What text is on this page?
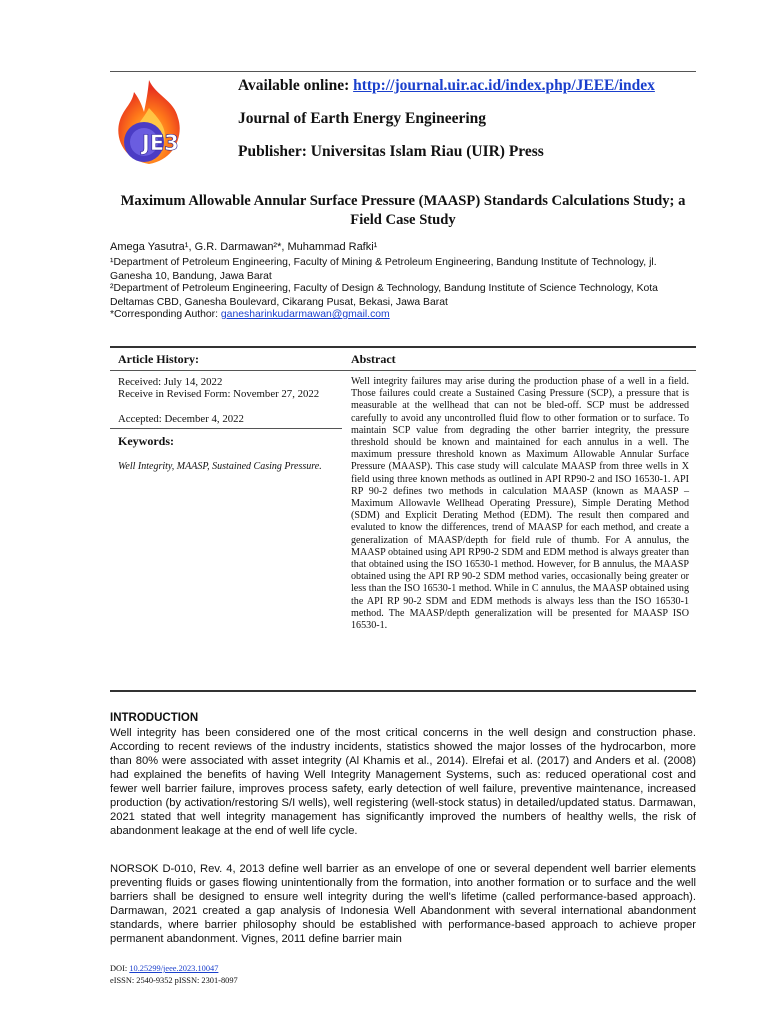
JE3
Available online: http://journal.uir.ac.id/index.php/JEEE/index
Journal of Earth Energy Engineering
Publisher: Universitas Islam Riau (UIR) Press
Maximum Allowable Annular Surface Pressure (MAASP) Standards Calculations Study; a Field Case Study
Amega Yasutra¹, G.R. Darmawan²*, Muhammad Rafki¹
¹Department of Petroleum Engineering, Faculty of Mining & Petroleum Engineering, Bandung Institute of Technology, jl. Ganesha 10, Bandung, Jawa Barat
²Department of Petroleum Engineering, Faculty of Design & Technology, Bandung Institute of Science Technology, Kota Deltamas CBD, Ganesha Boulevard, Cikarang Pusat, Bekasi, Jawa Barat
*Corresponding Author: ganesharinkudarmawan@gmail.com
Article History:	Abstract
Received: July 14, 2022
Receive in Revised Form: November 27, 2022
Accepted: December 4, 2022
Keywords:
Well Integrity, MAASP, Sustained Casing Pressure.
Well integrity failures may arise during the production phase of a well in a field. Those failures could create a Sustained Casing Pressure (SCP), a pressure that is measurable at the wellhead that can not be bled-off. SCP must be addressed carefully to avoid any uncontrolled fluid flow to other formation or to surface. To maintain SCP value from degrading the other barrier integrity, the pressure threshold should be known and maintained for each annulus in a well. The maximum pressure threshold known as Maximum Allowable Annular Surface Pressure (MAASP). This case study will calculate MAASP from three wells in X field using three known methods as outlined in API RP90-2 and ISO 16530-1. API RP 90-2 defines two methods in calculation MAASP (known as MAASP – Maximum Allowavle Wellhead Operating Pressure), Simple Derating Method (SDM) and Explicit Derating Method (EDM). The result then compared and evaluted to know the differences, trend of MAASP for each method, and create a generalization of MAASP/depth for field rule of thumb. For A annulus, the MAASP obtained using API RP90-2 SDM and EDM method is always greater than that obtained using the ISO 16530-1 method. However, for B annulus, the MAASP obtained using the API RP 90-2 SDM method varies, occasionally being greater or less than the ISO 16530-1 method. While in C annulus, the MAASP obtained using the API RP 90-2 SDM and EDM methods is always less than the ISO 16530-1 method. The MAASP/depth generalization will be presented for MAASP ISO 16530-1.
INTRODUCTION
Well integrity has been considered one of the most critical concerns in the well design and construction phase. According to recent reviews of the industry incidents, statistics showed the major losses of the hydrocarbon, more than 80% were associated with asset integrity (Al Khamis et al., 2014). Elrefai et al. (2017) and Anders et al. (2008) had explained the benefits of having Well Integrity Management Systems, such as: reduced operational cost and fewer well barrier failure, improves process safety, early detection of well failure, preventive maintenance, increased production (by activation/restoring S/I wells), well registering (well-stock status) in detailed/updated status. Darmawan, 2021 stated that well integrity management has significantly improved the numbers of healthy wells, the risk of abandonment leakage at the end of well life cycle.
NORSOK D-010, Rev. 4, 2013 define well barrier as an envelope of one or several dependent well barrier elements preventing fluids or gases flowing unintentionally from the formation, into another formation or to surface and the well barriers shall be designed to ensure well integrity during the well's lifetime (called performance-based approach). Darmawan, 2021 created a gap analysis of Indonesia Well Abandonment with several international abandonment standards, where barrier philosophy should be established with performance-based approach to achieve proper permanent abandonment. Vignes, 2011 define barrier main
DOI: 10.25299/jeee.2023.10047
eISSN: 2540-9352 pISSN: 2301-8097
